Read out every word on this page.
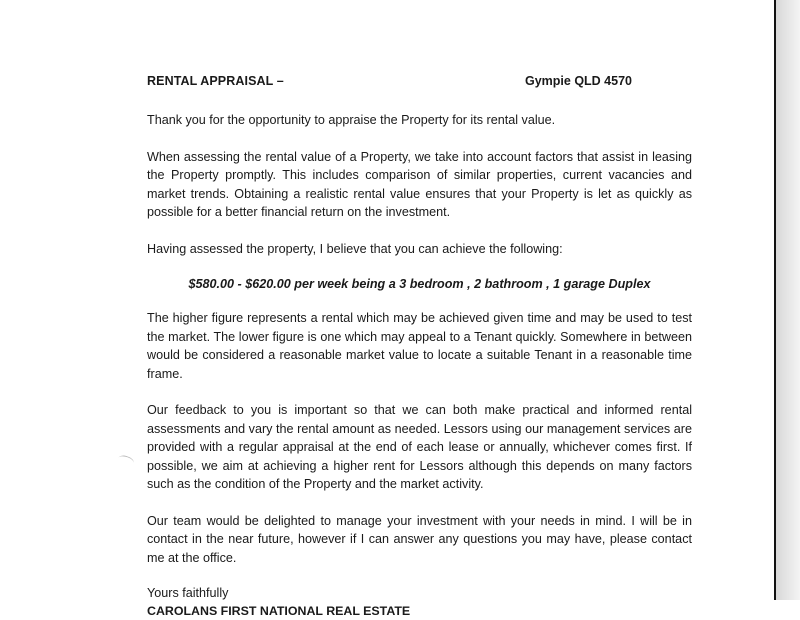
RENTAL APPRAISAL –	Gympie QLD 4570

Thank you for the opportunity to appraise the Property for its rental value.

When assessing the rental value of a Property, we take into account factors that assist in leasing the Property promptly. This includes comparison of similar properties, current vacancies and market trends. Obtaining a realistic rental value ensures that your Property is let as quickly as possible for a better financial return on the investment.

Having assessed the property, I believe that you can achieve the following:

$580.00 - $620.00 per week being a 3 bedroom , 2 bathroom , 1 garage Duplex

The higher figure represents a rental which may be achieved given time and may be used to test the market. The lower figure is one which may appeal to a Tenant quickly. Somewhere in between would be considered a reasonable market value to locate a suitable Tenant in a reasonable time frame.

Our feedback to you is important so that we can both make practical and informed rental assessments and vary the rental amount as needed. Lessors using our management services are provided with a regular appraisal at the end of each lease or annually, whichever comes first. If possible, we aim at achieving a higher rent for Lessors although this depends on many factors such as the condition of the Property and the market activity.

Our team would be delighted to manage your investment with your needs in mind. I will be in contact in the near future, however if I can answer any questions you may have, please contact me at the office.

Yours faithfully
CAROLANS FIRST NATIONAL REAL ESTATE
